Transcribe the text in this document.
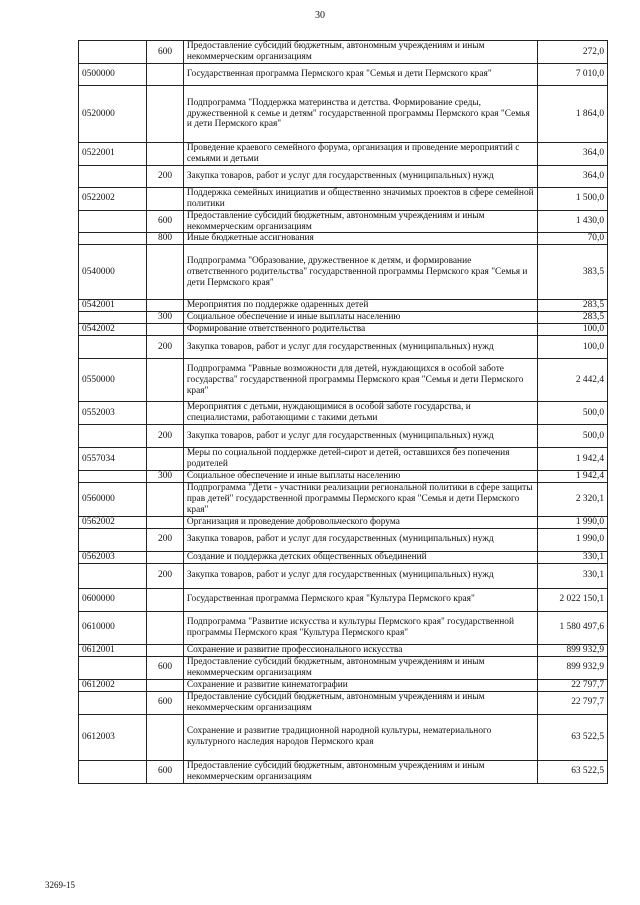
30
	600	Предоставление субсидий бюджетным, автономным учреждениям и иным некоммерческим организациям	272,0
0500000		Государственная программа Пермского края "Семья и дети Пермского края"	7 010,0
0520000		Подпрограмма "Поддержка материнства и детства. Формирование среды, дружественной к семье и детям" государственной программы Пермского края "Семья и дети Пермского края"	1 864,0
0522001		Проведение краевого семейного форума, организация и проведение мероприятий с семьями и детьми	364,0
	200	Закупка товаров, работ и услуг для государственных (муниципальных) нужд	364,0
0522002		Поддержка семейных инициатив и общественно значимых проектов в сфере семейной политики	1 500,0
	600	Предоставление субсидий бюджетным, автономным учреждениям и иным некоммерческим организациям	1 430,0
	800	Иные бюджетные ассигнования	70,0
0540000		Подпрограмма "Образование, дружественное к детям, и формирование ответственного родительства" государственной программы Пермского края "Семья и дети Пермского края"	383,5
0542001		Мероприятия по поддержке одаренных детей	283,5
	300	Социальное обеспечение и иные выплаты населению	283,5
0542002		Формирование ответственного родительства	100,0
	200	Закупка товаров, работ и услуг для государственных (муниципальных) нужд	100,0
0550000		Подпрограмма "Равные возможности для детей, нуждающихся в особой заботе государства" государственной программы Пермского края "Семья и дети Пермского края"	2 442,4
0552003		Мероприятия с детьми, нуждающимися в особой заботе государства, и специалистами, работающими с такими детьми	500,0
	200	Закупка товаров, работ и услуг для государственных (муниципальных) нужд	500,0
0557034		Меры по социальной поддержке детей-сирот и детей, оставшихся без попечения родителей	1 942,4
	300	Социальное обеспечение и иные выплаты населению	1 942,4
0560000		Подпрограмма "Дети - участники реализации региональной политики в сфере защиты прав детей" государственной программы Пермского края "Семья и дети Пермского края"	2 320,1
0562002		Организация и проведение добровольческого форума	1 990,0
	200	Закупка товаров, работ и услуг для государственных (муниципальных) нужд	1 990,0
0562003		Создание и поддержка детских общественных объединений	330,1
	200	Закупка товаров, работ и услуг для государственных (муниципальных) нужд	330,1
0600000		Государственная программа Пермского края "Культура Пермского края"	2 022 150,1
0610000		Подпрограмма "Развитие искусства и культуры Пермского края" государственной программы Пермского края "Культура Пермского края"	1 580 497,6
0612001		Сохранение и развитие профессионального искусства	899 932,9
	600	Предоставление субсидий бюджетным, автономным учреждениям и иным некоммерческим организациям	899 932,9
0612002		Сохранение и развитие кинематографии	22 797,7
	600	Предоставление субсидий бюджетным, автономным учреждениям и иным некоммерческим организациям	22 797,7
0612003		Сохранение и развитие традиционной народной культуры, нематериального культурного наследия народов Пермского края	63 522,5
	600	Предоставление субсидий бюджетным, автономным учреждениям и иным некоммерческим организациям	63 522,5
3269-15
